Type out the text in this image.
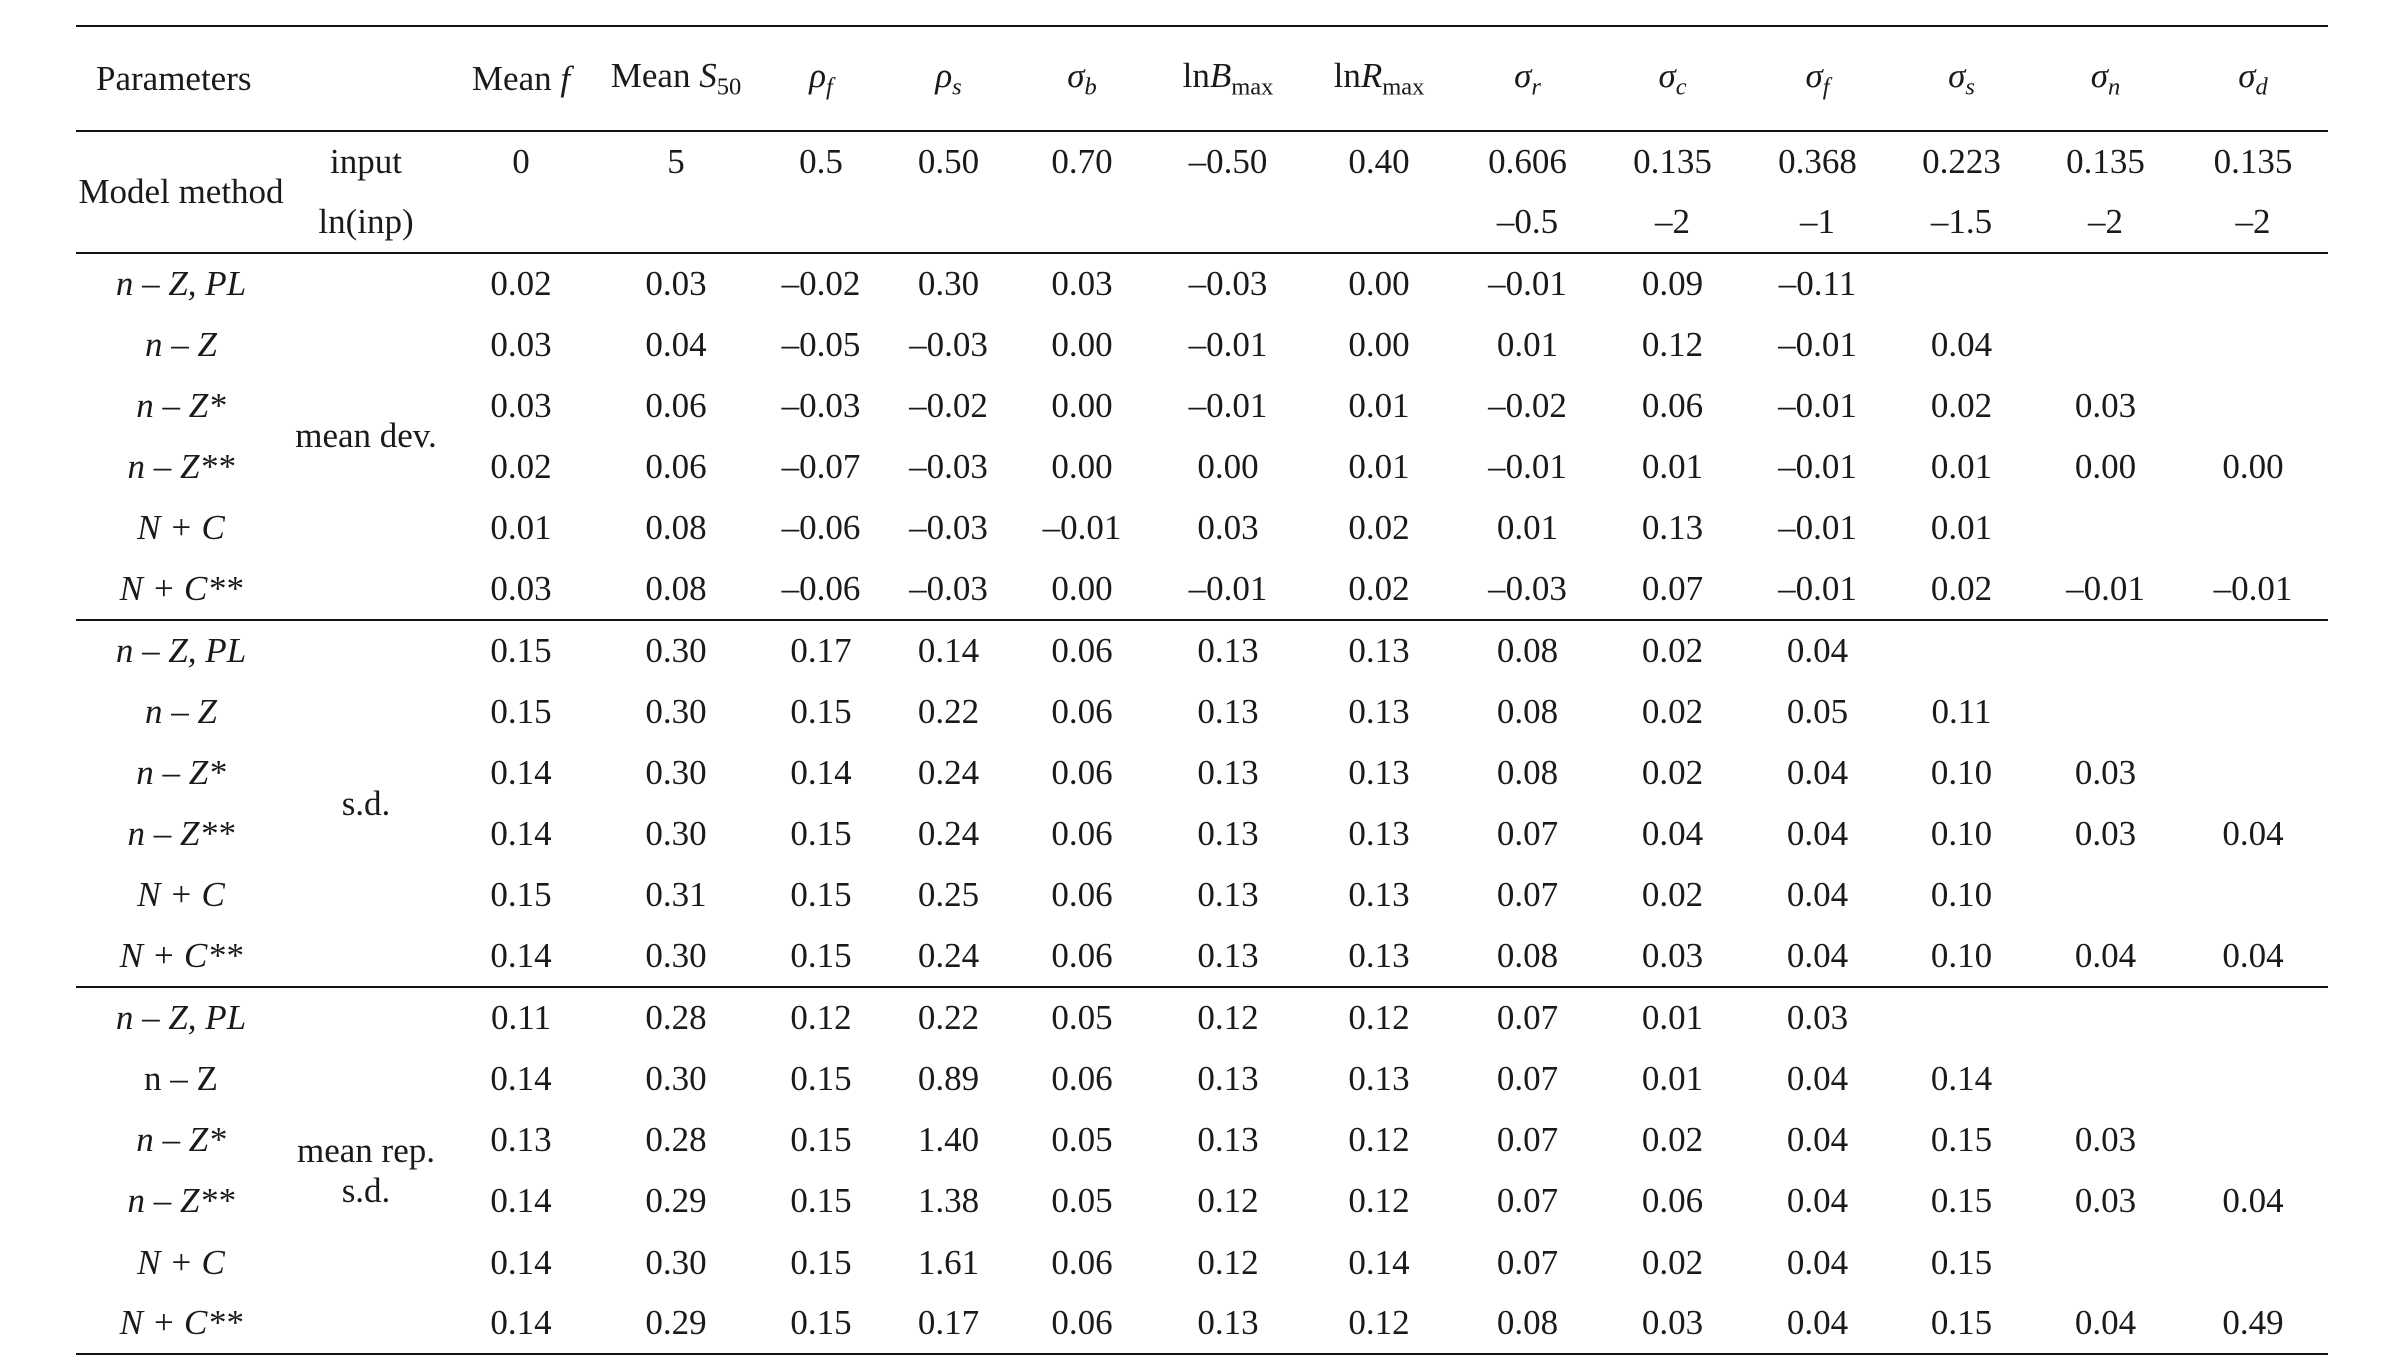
Parameters		Mean f	Mean $S_{50}$	$\rho_f$	$\rho_s$	$\sigma_b$	lnB$_{max}$	lnR$_{max}$	$\sigma_r$	$\sigma_c$	$\sigma_f$	$\sigma_s$	$\sigma_n$	$\sigma_d$
Model method	input	0	5	0.5	0.50	0.70	–0.50	0.40	0.606	0.135	0.368	0.223	0.135	0.135
	ln(inp)								–0.5	–2	–1	–1.5	–2	–2
n – Z, PL	mean dev.	0.02	0.03	–0.02	0.30	0.03	–0.03	0.00	–0.01	0.09	–0.11			
n – Z		0.03	0.04	–0.05	–0.03	0.00	–0.01	0.00	0.01	0.12	–0.01	0.04		
n – Z*		0.03	0.06	–0.03	–0.02	0.00	–0.01	0.01	–0.02	0.06	–0.01	0.02	0.03	
n – Z**		0.02	0.06	–0.07	–0.03	0.00	0.00	0.01	–0.01	0.01	–0.01	0.01	0.00	0.00
N + C		0.01	0.08	–0.06	–0.03	–0.01	0.03	0.02	0.01	0.13	–0.01	0.01		
N + C**		0.03	0.08	–0.06	–0.03	0.00	–0.01	0.02	–0.03	0.07	–0.01	0.02	–0.01	–0.01
n – Z, PL	s.d.	0.15	0.30	0.17	0.14	0.06	0.13	0.13	0.08	0.02	0.04			
n – Z		0.15	0.30	0.15	0.22	0.06	0.13	0.13	0.08	0.02	0.05	0.11		
n – Z*		0.14	0.30	0.14	0.24	0.06	0.13	0.13	0.08	0.02	0.04	0.10	0.03	
n – Z**		0.14	0.30	0.15	0.24	0.06	0.13	0.13	0.07	0.04	0.04	0.10	0.03	0.04
N + C		0.15	0.31	0.15	0.25	0.06	0.13	0.13	0.07	0.02	0.04	0.10		
N + C**		0.14	0.30	0.15	0.24	0.06	0.13	0.13	0.08	0.03	0.04	0.10	0.04	0.04
n – Z, PL	mean rep. s.d.	0.11	0.28	0.12	0.22	0.05	0.12	0.12	0.07	0.01	0.03			
n – Z		0.14	0.30	0.15	0.89	0.06	0.13	0.13	0.07	0.01	0.04	0.14		
n – Z*		0.13	0.28	0.15	1.40	0.05	0.13	0.12	0.07	0.02	0.04	0.15	0.03	
n – Z**		0.14	0.29	0.15	1.38	0.05	0.12	0.12	0.07	0.06	0.04	0.15	0.03	0.04
N + C		0.14	0.30	0.15	1.61	0.06	0.12	0.14	0.07	0.02	0.04	0.15		
N + C**		0.14	0.29	0.15	0.17	0.06	0.13	0.12	0.08	0.03	0.04	0.15	0.04	0.49
